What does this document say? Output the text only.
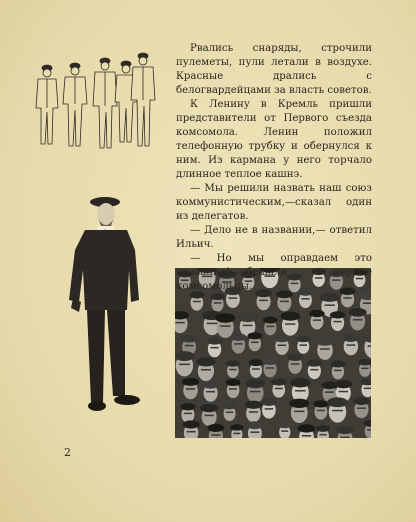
Рвались снаряды, строчили пулеметы, пули летали в воздухе. Красные дрались с белогвардейцами за власть советов.

К Ленину в Кремль пришли представители от Первого съезда комсомола. Ленин положил телефонную трубку и обернулся к ним. Из кармана у него торчало длинное теплое кашнэ.

— Мы решили назвать наш союз коммунистическим,—сказал один из делегатов.

— Дело не в названии,— ответил Ильич.

— Но мы оправдаем это название!—обещали первые комсомольцы.

2
